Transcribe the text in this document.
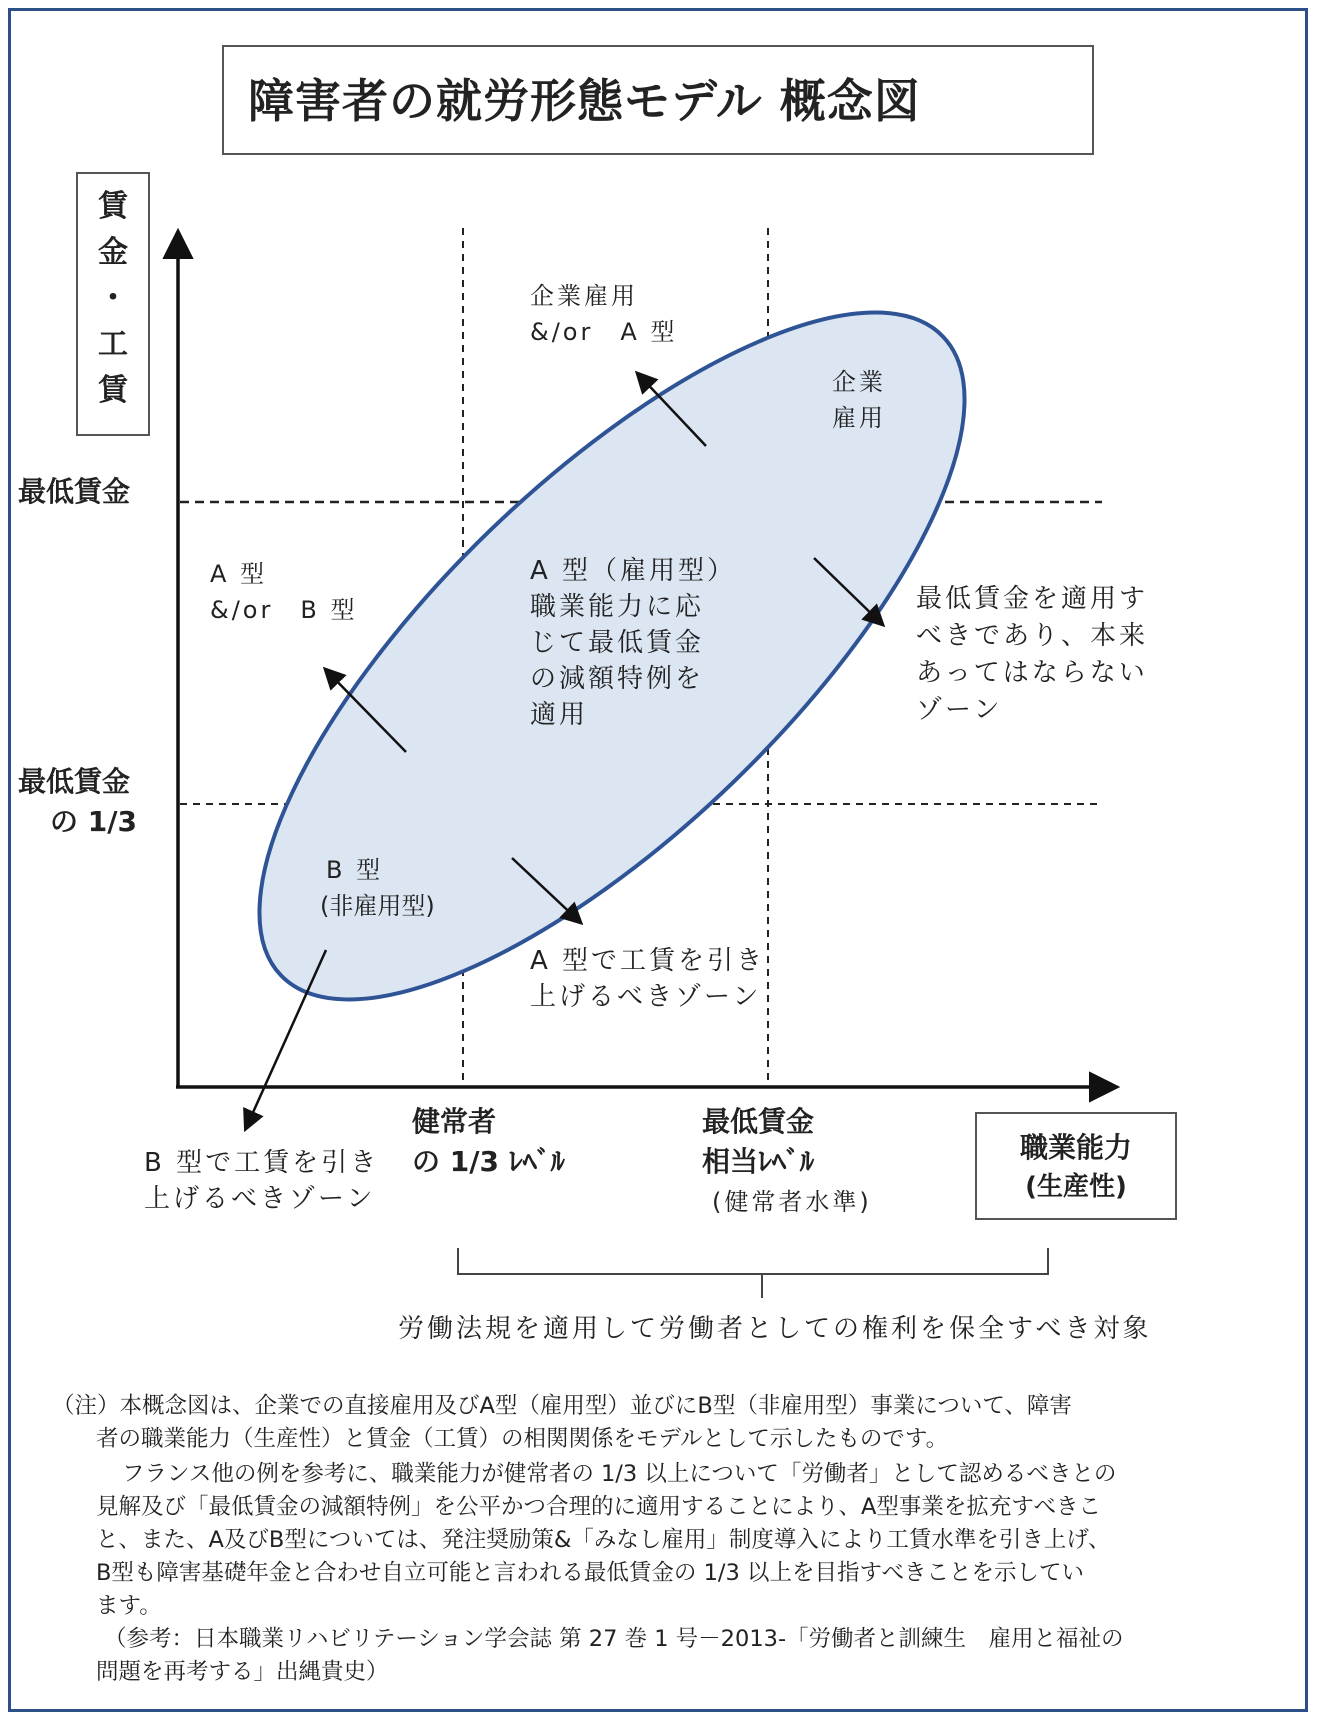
障害者の就労形態モデル 概念図
賃
金
・
工
賃
最低賃金
最低賃金
の 1/3
健常者
の 1/3 ﾚﾍﾞﾙ
最低賃金
相当ﾚﾍﾞﾙ
(健常者水準)
職業能力
(生産性)
企業雇用
&/or　A 型
企業
雇用
A 型
&/or　B 型
A 型（雇用型）
職業能力に応
じて最低賃金
の減額特例を
適用
最低賃金を適用す
べきであり、本来
あってはならない
ゾーン
B 型
(非雇用型)
A 型で工賃を引き
上げるべきゾーン
B 型で工賃を引き
上げるべきゾーン
労働法規を適用して労働者としての権利を保全すべき対象
（注）本概念図は、企業での直接雇用及びA型（雇用型）並びにB型（非雇用型）事業について、障害
者の職業能力（生産性）と賃金（工賃）の相関関係をモデルとして示したものです。
フランス他の例を参考に、職業能力が健常者の 1/3 以上について「労働者」として認めるべきとの
見解及び「最低賃金の減額特例」を公平かつ合理的に適用することにより、A型事業を拡充すべきこ
と、また、A及びB型については、発注奨励策&「みなし雇用」制度導入により工賃水準を引き上げ、
B型も障害基礎年金と合わせ自立可能と言われる最低賃金の 1/3 以上を目指すべきことを示してい
ます。
（参考：日本職業リハビリテーション学会誌 第 27 巻 1 号－2013-「労働者と訓練生　雇用と福祉の
問題を再考する」出縄貴史）
